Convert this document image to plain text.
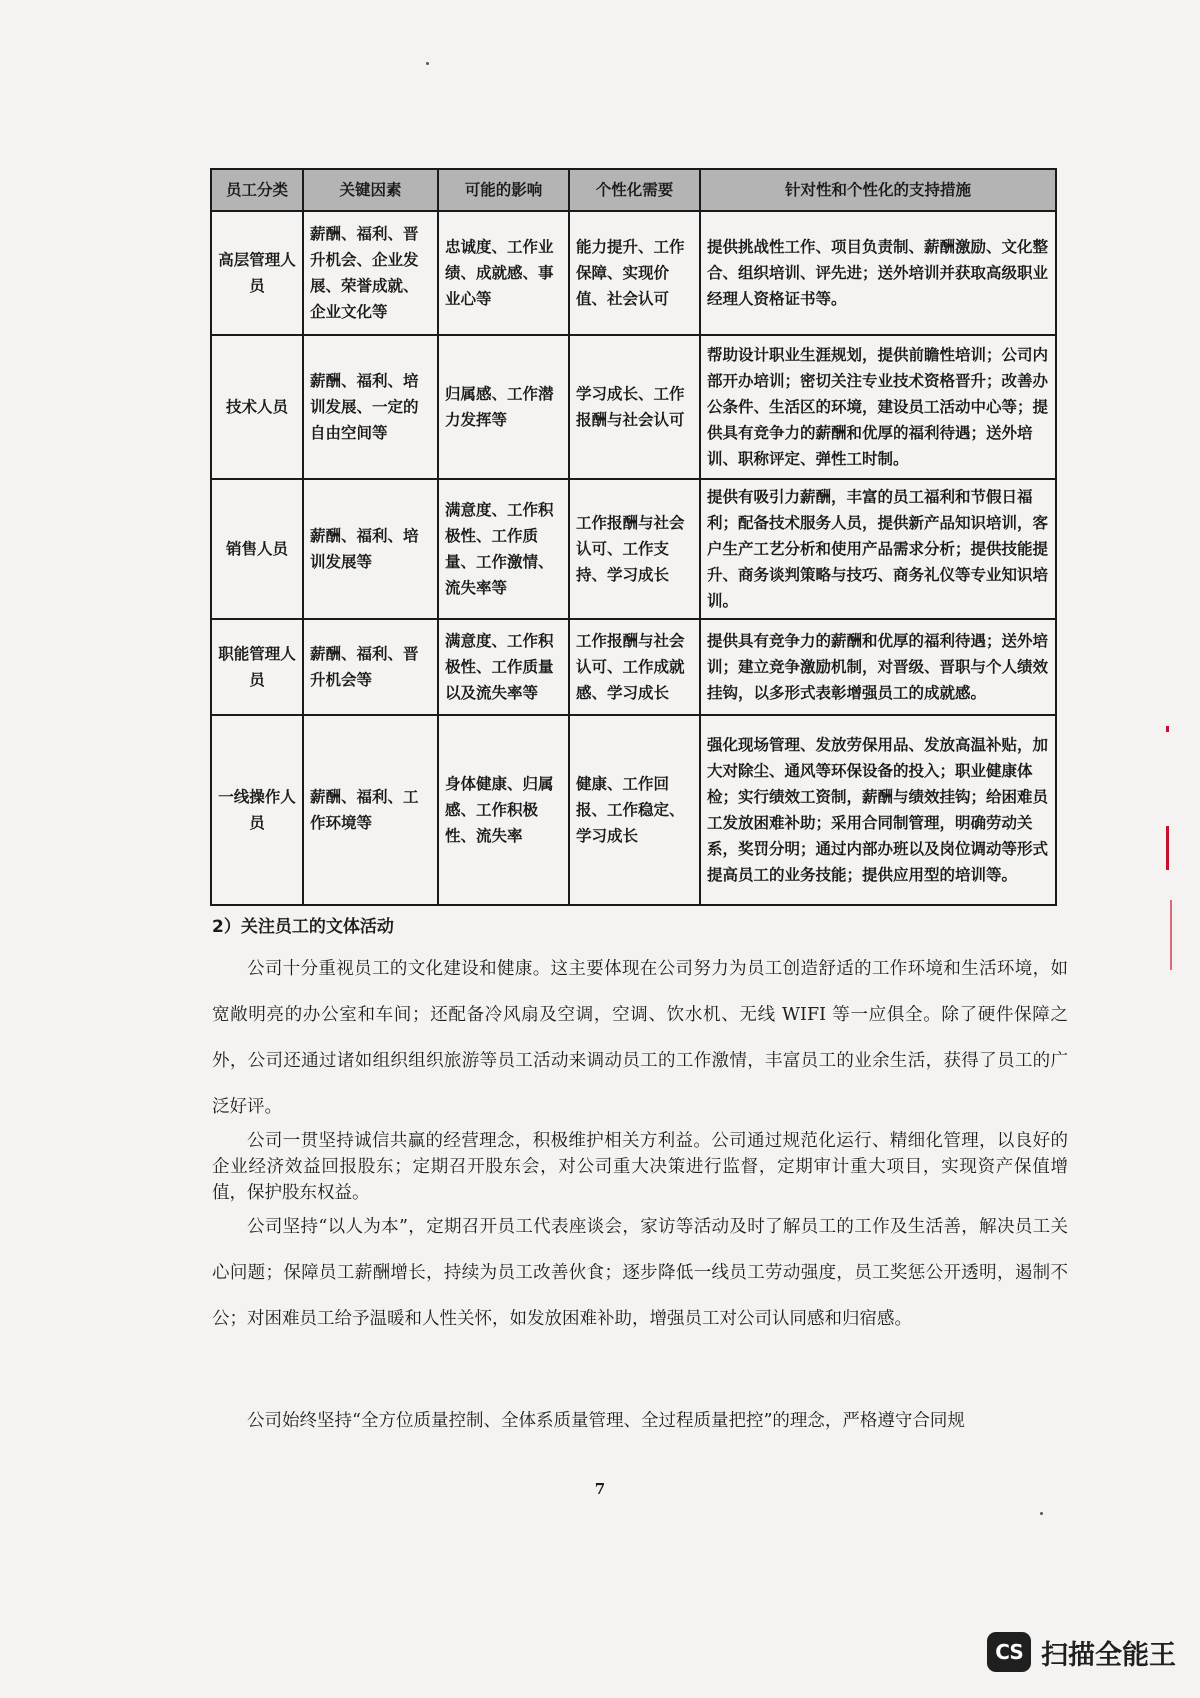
员工分类	关键因素	可能的影响	个性化需要	针对性和个性化的支持措施
高层管理人员	薪酬、福利、晋升机会、企业发展、荣誉成就、企业文化等	忠诚度、工作业绩、成就感、事业心等	能力提升、工作保障、实现价值、社会认可	提供挑战性工作、项目负责制、薪酬激励、文化整合、组织培训、评先进；送外培训并获取高级职业经理人资格证书等。
技术人员	薪酬、福利、培训发展、一定的自由空间等	归属感、工作潜力发挥等	学习成长、工作报酬与社会认可	帮助设计职业生涯规划，提供前瞻性培训；公司内部开办培训；密切关注专业技术资格晋升；改善办公条件、生活区的环境，建设员工活动中心等；提供具有竞争力的薪酬和优厚的福利待遇；送外培训、职称评定、弹性工时制。
销售人员	薪酬、福利、培训发展等	满意度、工作积极性、工作质量、工作激情、流失率等	工作报酬与社会认可、工作支持、学习成长	提供有吸引力薪酬，丰富的员工福利和节假日福利；配备技术服务人员，提供新产品知识培训，客户生产工艺分析和使用产品需求分析；提供技能提升、商务谈判策略与技巧、商务礼仪等专业知识培训。
职能管理人员	薪酬、福利、晋升机会等	满意度、工作积极性、工作质量以及流失率等	工作报酬与社会认可、工作成就感、学习成长	提供具有竞争力的薪酬和优厚的福利待遇；送外培训；建立竞争激励机制，对晋级、晋职与个人绩效挂钩，以多形式表彰增强员工的成就感。
一线操作人员	薪酬、福利、工作环境等	身体健康、归属感、工作积极性、流失率	健康、工作回报、工作稳定、学习成长	强化现场管理、发放劳保用品、发放高温补贴，加大对除尘、通风等环保设备的投入；职业健康体检；实行绩效工资制，薪酬与绩效挂钩；给困难员工发放困难补助；采用合同制管理，明确劳动关系，奖罚分明；通过内部办班以及岗位调动等形式提高员工的业务技能；提供应用型的培训等。
2）关注员工的文体活动

公司十分重视员工的文化建设和健康。这主要体现在公司努力为员工创造舒适的工作环境和生活环境，如宽敞明亮的办公室和车间；还配备冷风扇及空调，空调、饮水机、无线 WIFI 等一应俱全。除了硬件保障之外，公司还通过诸如组织组织旅游等员工活动来调动员工的工作激情，丰富员工的业余生活，获得了员工的广泛好评。

公司一贯坚持诚信共赢的经营理念，积极维护相关方利益。公司通过规范化运行、精细化管理，以良好的企业经济效益回报股东；定期召开股东会，对公司重大决策进行监督，定期审计重大项目，实现资产保值增值，保护股东权益。

公司坚持“以人为本”，定期召开员工代表座谈会，家访等活动及时了解员工的工作及生活善，解决员工关心问题；保障员工薪酬增长，持续为员工改善伙食；逐步降低一线员工劳动强度，员工奖惩公开透明，遏制不公；对困难员工给予温暖和人性关怀，如发放困难补助，增强员工对公司认同感和归宿感。

公司始终坚持“全方位质量控制、全体系质量管理、全过程质量把控”的理念，严格遵守合同规

7
CS 扫描全能王
